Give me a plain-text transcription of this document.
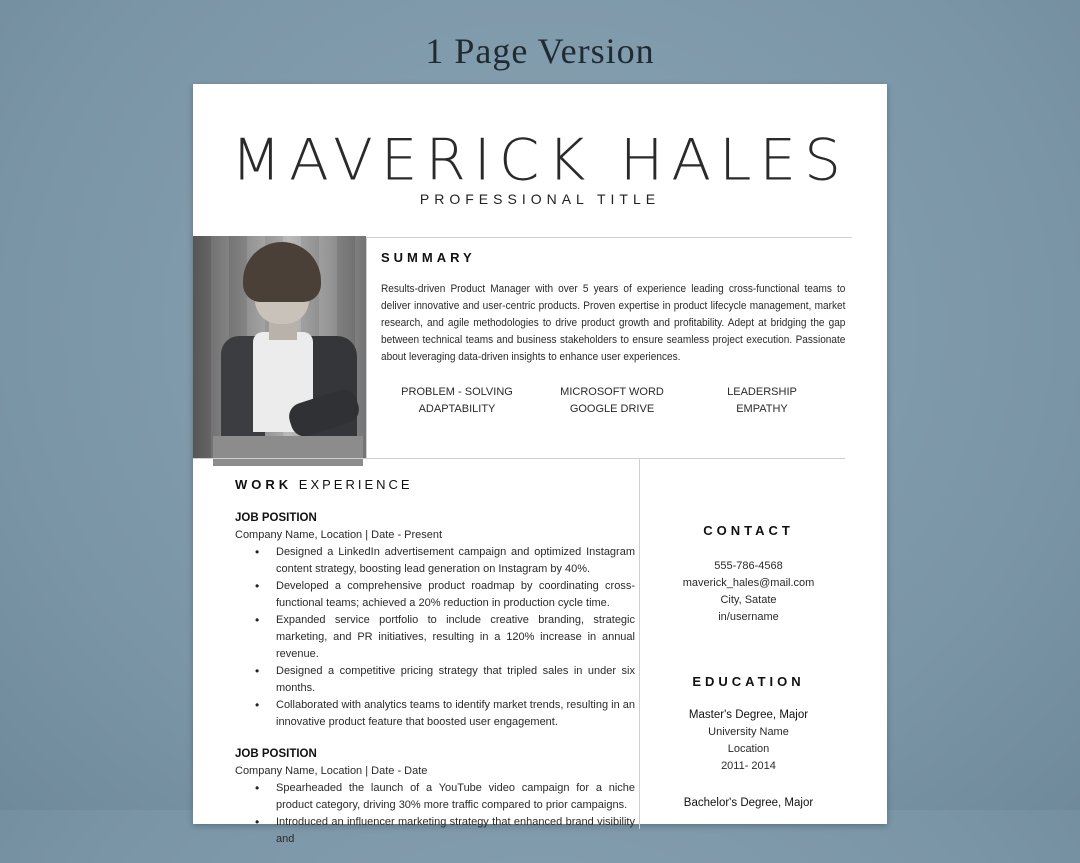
1 Page Version
MAVERICK HALES
PROFESSIONAL TITLE
SUMMARY
Results-driven Product Manager with over 5 years of experience leading cross-functional teams to deliver innovative and user-centric products. Proven expertise in product lifecycle management, market research, and agile methodologies to drive product growth and profitability. Adept at bridging the gap between technical teams and business stakeholders to ensure seamless project execution. Passionate about leveraging data-driven insights to enhance user experiences.
PROBLEM - SOLVING
ADAPTABILITY
MICROSOFT WORD
GOOGLE DRIVE
LEADERSHIP
EMPATHY
WORK EXPERIENCE
JOB POSITION
Company Name, Location | Date - Present
• Designed a LinkedIn advertisement campaign and optimized Instagram content strategy, boosting lead generation on Instagram by 40%.
• Developed a comprehensive product roadmap by coordinating cross-functional teams; achieved a 20% reduction in production cycle time.
• Expanded service portfolio to include creative branding, strategic marketing, and PR initiatives, resulting in a 120% increase in annual revenue.
• Designed a competitive pricing strategy that tripled sales in under six months.
• Collaborated with analytics teams to identify market trends, resulting in an innovative product feature that boosted user engagement.
JOB POSITION
Company Name, Location | Date - Date
• Spearheaded the launch of a YouTube video campaign for a niche product category, driving 30% more traffic compared to prior campaigns.
• Introduced an influencer marketing strategy that enhanced brand visibility and
CONTACT
555-786-4568
maverick_hales@mail.com
City, Satate
in/username
EDUCATION
Master's Degree, Major
University Name
Location
2011- 2014
Bachelor's Degree, Major
